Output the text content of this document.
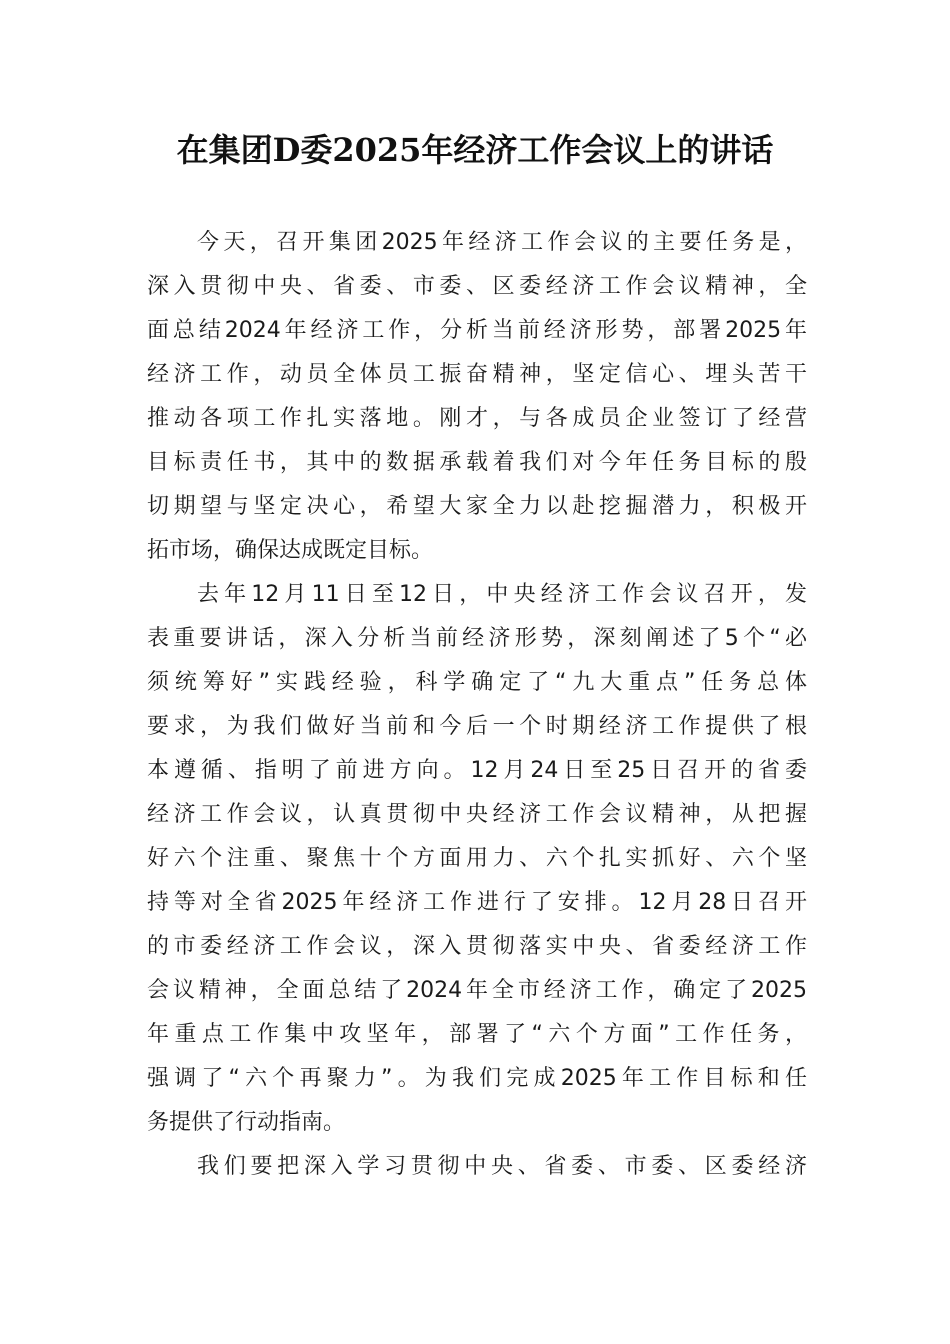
在集团D委2025年经济工作会议上的讲话
今天，召开集团2025年经济工作会议的主要任务是，
深入贯彻中央、省委、市委、区委经济工作会议精神，全
面总结2024年经济工作，分析当前经济形势，部署2025年
经济工作，动员全体员工振奋精神，坚定信心、埋头苦干
推动各项工作扎实落地。刚才，与各成员企业签订了经营
目标责任书，其中的数据承载着我们对今年任务目标的殷
切期望与坚定决心，希望大家全力以赴挖掘潜力，积极开
拓市场，确保达成既定目标。
去年12月11日至12日，中央经济工作会议召开，发
表重要讲话，深入分析当前经济形势，深刻阐述了5个“必
须统筹好”实践经验，科学确定了“九大重点”任务总体
要求，为我们做好当前和今后一个时期经济工作提供了根
本遵循、指明了前进方向。12月24日至25日召开的省委
经济工作会议，认真贯彻中央经济工作会议精神，从把握
好六个注重、聚焦十个方面用力、六个扎实抓好、六个坚
持等对全省2025年经济工作进行了安排。12月28日召开
的市委经济工作会议，深入贯彻落实中央、省委经济工作
会议精神，全面总结了2024年全市经济工作，确定了2025
年重点工作集中攻坚年，部署了“六个方面”工作任务，
强调了“六个再聚力”。为我们完成2025年工作目标和任
务提供了行动指南。
我们要把深入学习贯彻中央、省委、市委、区委经济
